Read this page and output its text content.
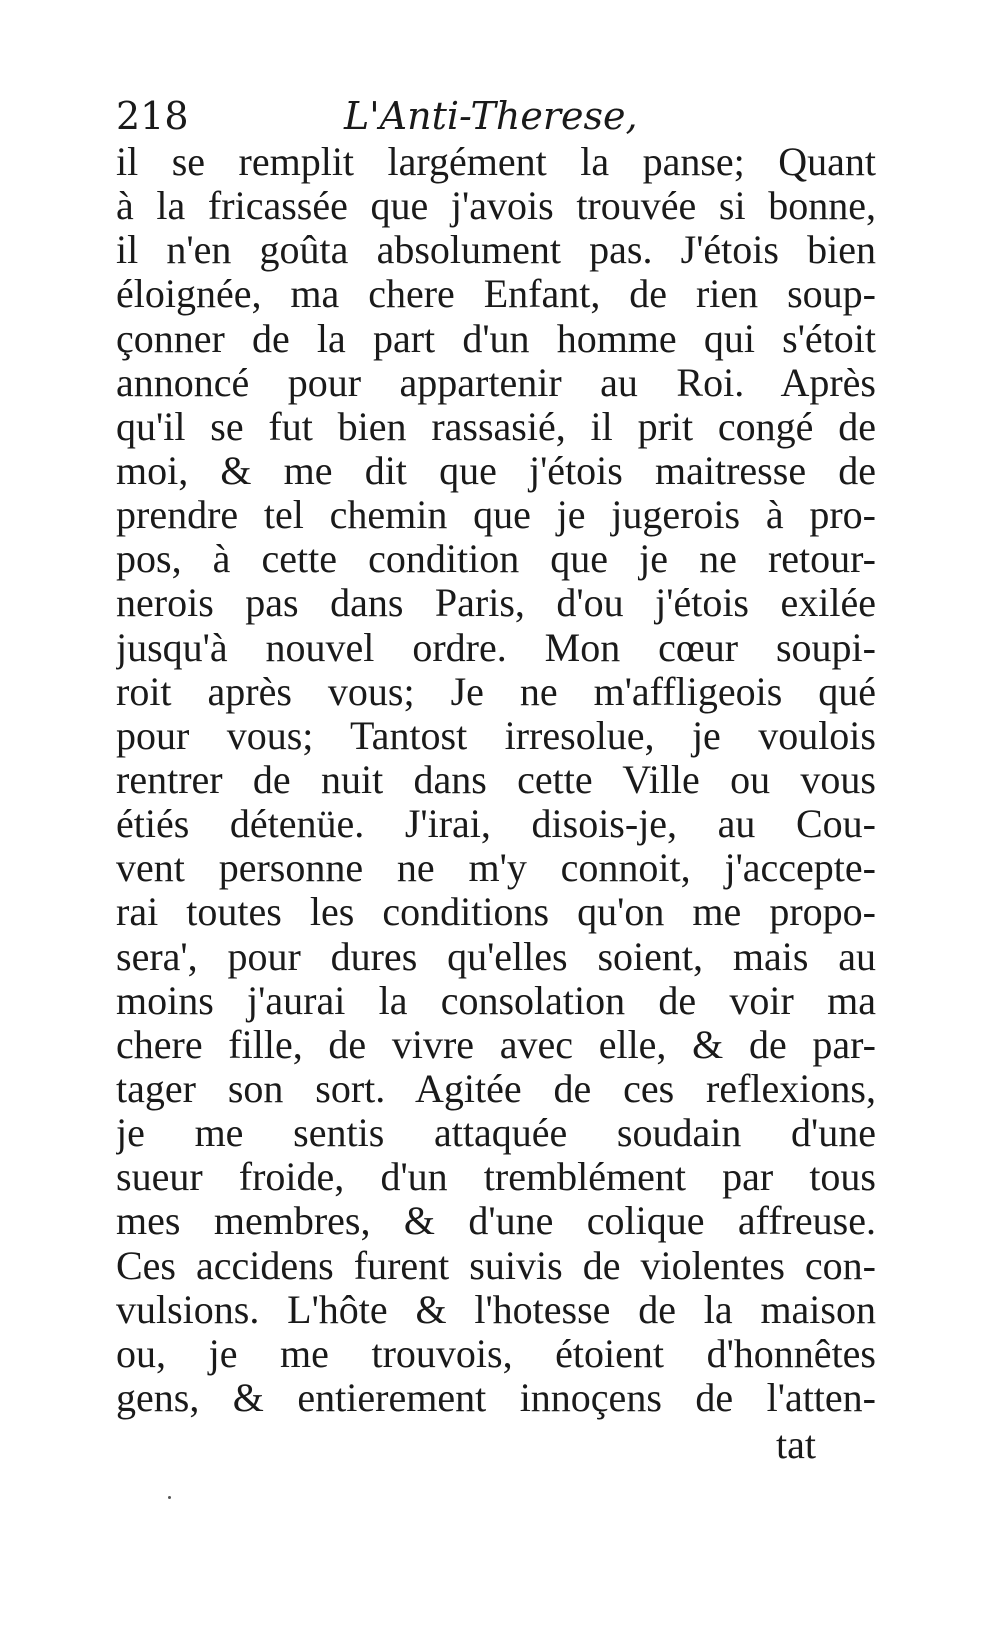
218	L'Anti-Therese,
il se remplit largément la panse; Quant
à la fricassée que j'avois trouvée si bonne,
il n'en goûta absolument pas. J'étois bien
éloignée, ma chere Enfant, de rien soup-
çonner de la part d'un homme qui s'étoit
annoncé pour appartenir au Roi. Après
qu'il se fut bien rassasié, il prit congé de
moi, & me dit que j'étois maitresse de
prendre tel chemin que je jugerois à pro-
pos, à cette condition que je ne retour-
nerois pas dans Paris, d'ou j'étois exilée
jusqu'à nouvel ordre. Mon cœur soupi-
roit après vous; Je ne m'affligeois qué
pour vous; Tantost irresolue, je voulois
rentrer de nuit dans cette Ville ou vous
étiés détenüe. J'irai, disois-je, au Cou-
vent personne ne m'y connoit, j'accepte-
rai toutes les conditions qu'on me propo-
sera', pour dures qu'elles soient, mais au
moins j'aurai la consolation de voir ma
chere fille, de vivre avec elle, & de par-
tager son sort. Agitée de ces reflexions,
je me sentis attaquée soudain d'une
sueur froide, d'un tremblément par tous
mes membres, & d'une colique affreuse.
Ces accidens furent suivis de violentes con-
vulsions. L'hôte & l'hotesse de la maison
ou, je me trouvois, étoient d'honnêtes
gens, & entierement innoçens de l'atten-
tat
